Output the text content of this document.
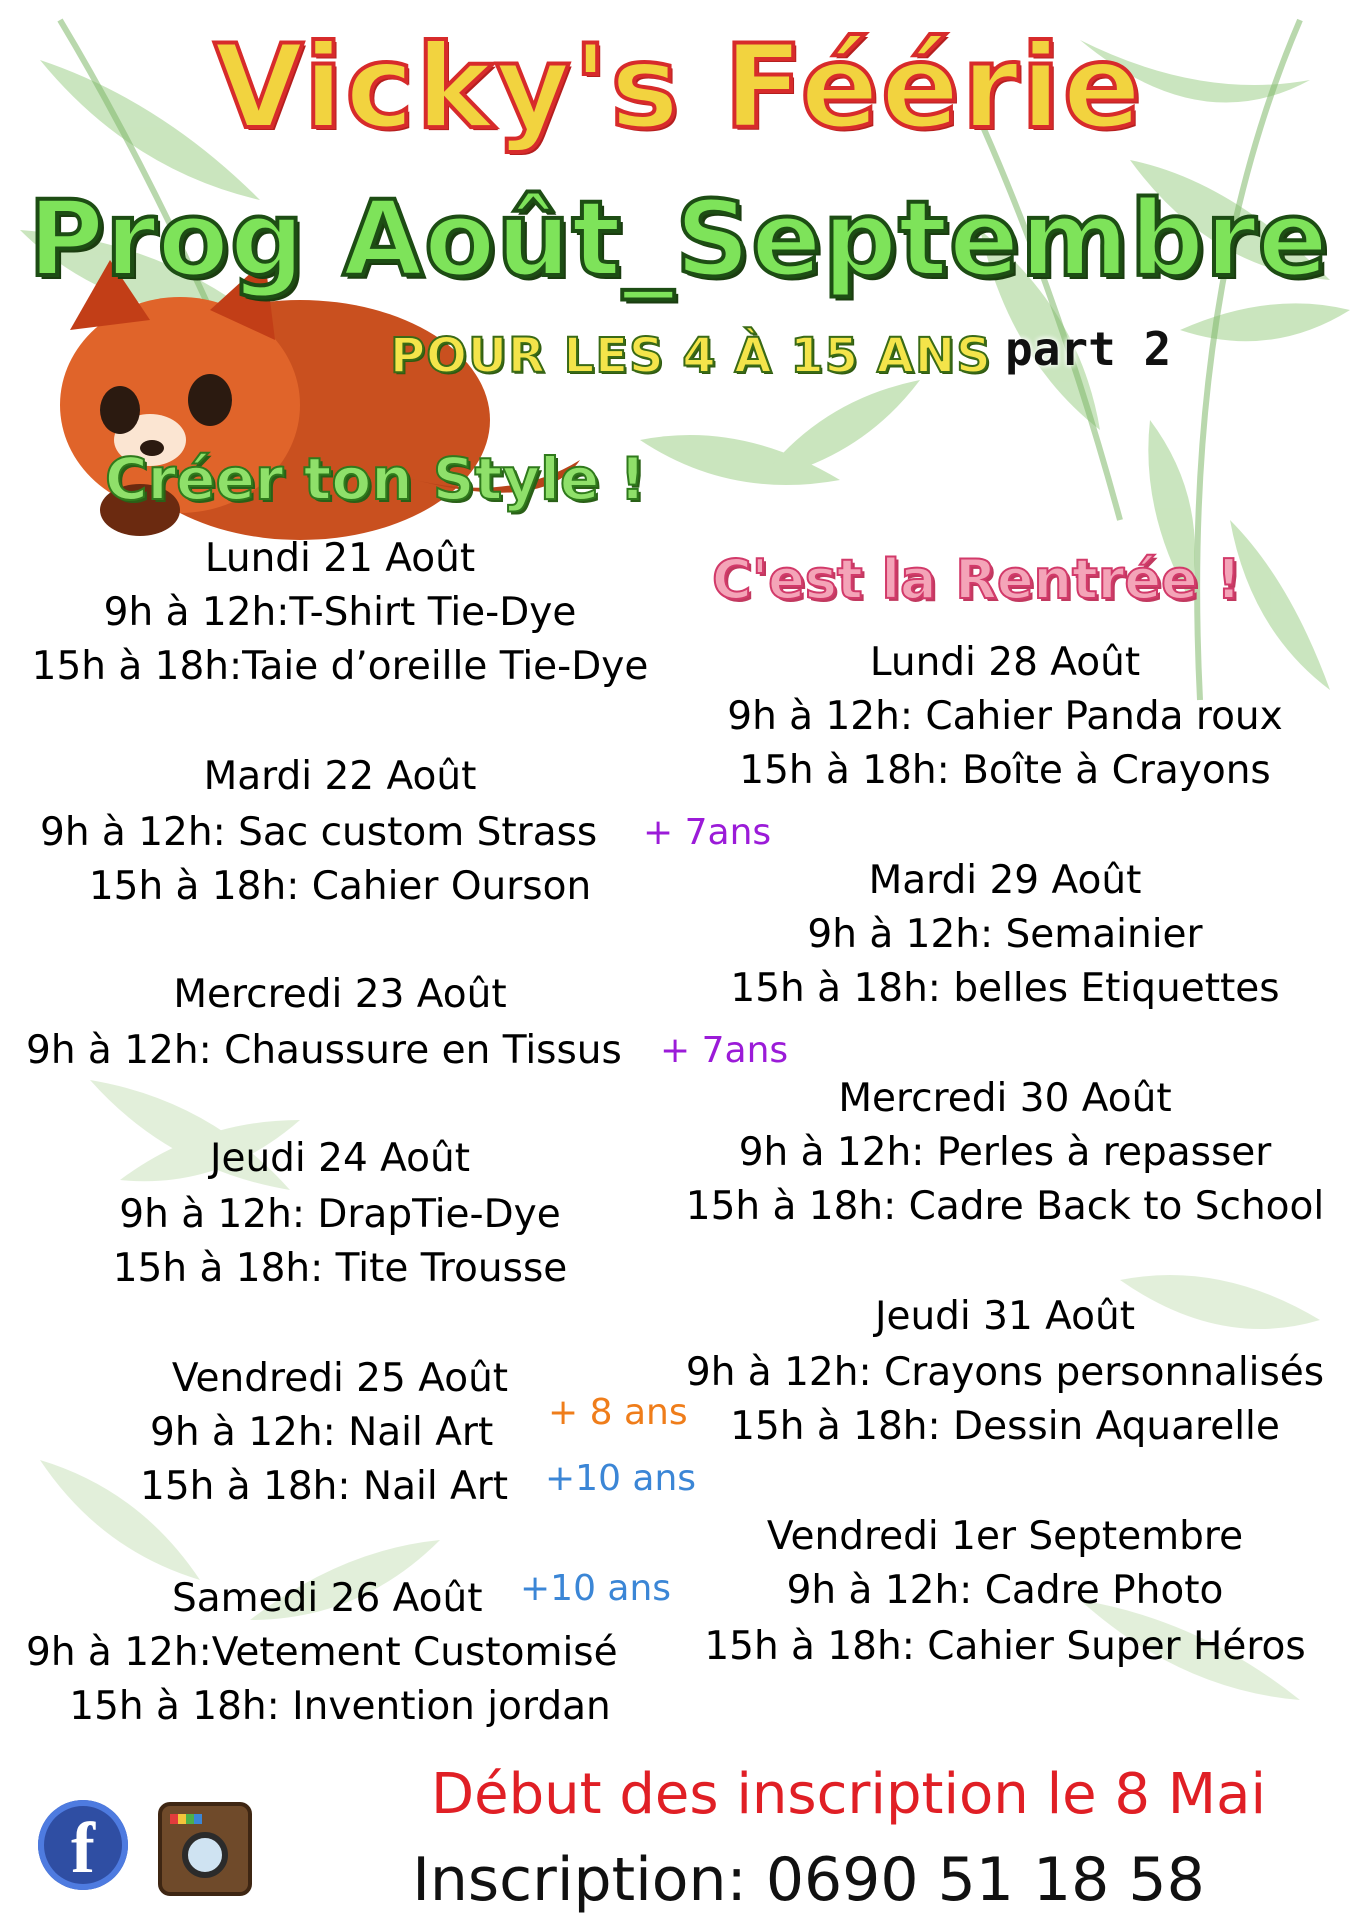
Vicky's Féérie
Prog Août_Septembre
POUR LES 4 À 15 ANS part 2
Créer ton Style !
C'est la Rentrée !
Lundi 21 Août
9h à 12h:T-Shirt Tie-Dye
15h à 18h:Taie d’oreille Tie-Dye
Mardi 22 Août
9h à 12h: Sac custom Strass + 7ans
15h à 18h: Cahier Ourson
Mercredi 23 Août
9h à 12h: Chaussure en Tissus + 7ans
Jeudi 24 Août
9h à 12h: DrapTie-Dye
15h à 18h: Tite Trousse
Vendredi 25 Août
9h à 12h: Nail Art + 8 ans
15h à 18h: Nail Art +10 ans
Samedi 26 Août +10 ans
9h à 12h:Vetement Customisé
15h à 18h: Invention jordan
Lundi 28 Août
9h à 12h: Cahier Panda roux
15h à 18h: Boîte à Crayons
Mardi 29 Août
9h à 12h: Semainier
15h à 18h: belles Etiquettes
Mercredi 30 Août
9h à 12h: Perles à repasser
15h à 18h: Cadre Back to School
Jeudi 31 Août
9h à 12h: Crayons personnalisés
15h à 18h: Dessin Aquarelle
Vendredi 1er Septembre
9h à 12h: Cadre Photo
15h à 18h: Cahier Super Héros
Début des inscription le 8 Mai
Inscription: 0690 51 18 58
f
